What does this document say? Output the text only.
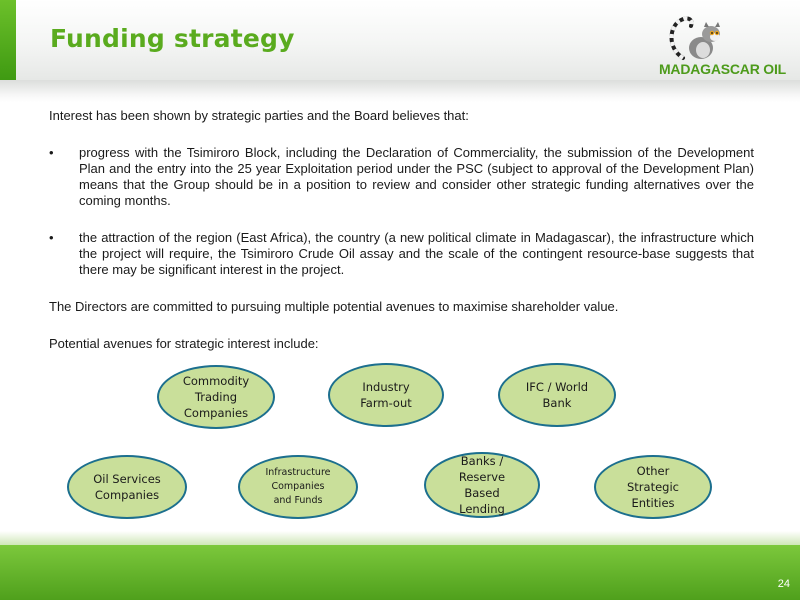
Funding strategy
MADAGASCAR OIL

Interest has been shown by strategic parties and the Board believes that:

• progress with the Tsimiroro Block, including the Declaration of Commerciality, the submission of the Development Plan and the entry into the 25 year Exploitation period under the PSC (subject to approval of the Development Plan) means that the Group should be in a position to review and consider other strategic funding alternatives over the coming months.
• the attraction of the region (East Africa), the country (a new political climate in Madagascar), the infrastructure which the project will require, the Tsimiroro Crude Oil assay and the scale of the contingent resource-base suggests that there may be significant interest in the project.

The Directors are committed to pursuing multiple potential avenues to maximise shareholder value.

Potential avenues for strategic interest include:

Commodity
Trading
Companies
Industry
Farm-out
IFC / World
Bank
Oil Services
Companies
Infrastructure
Companies
and Funds
Banks /
Reserve
Based
Lending
Other
Strategic
Entities
24
